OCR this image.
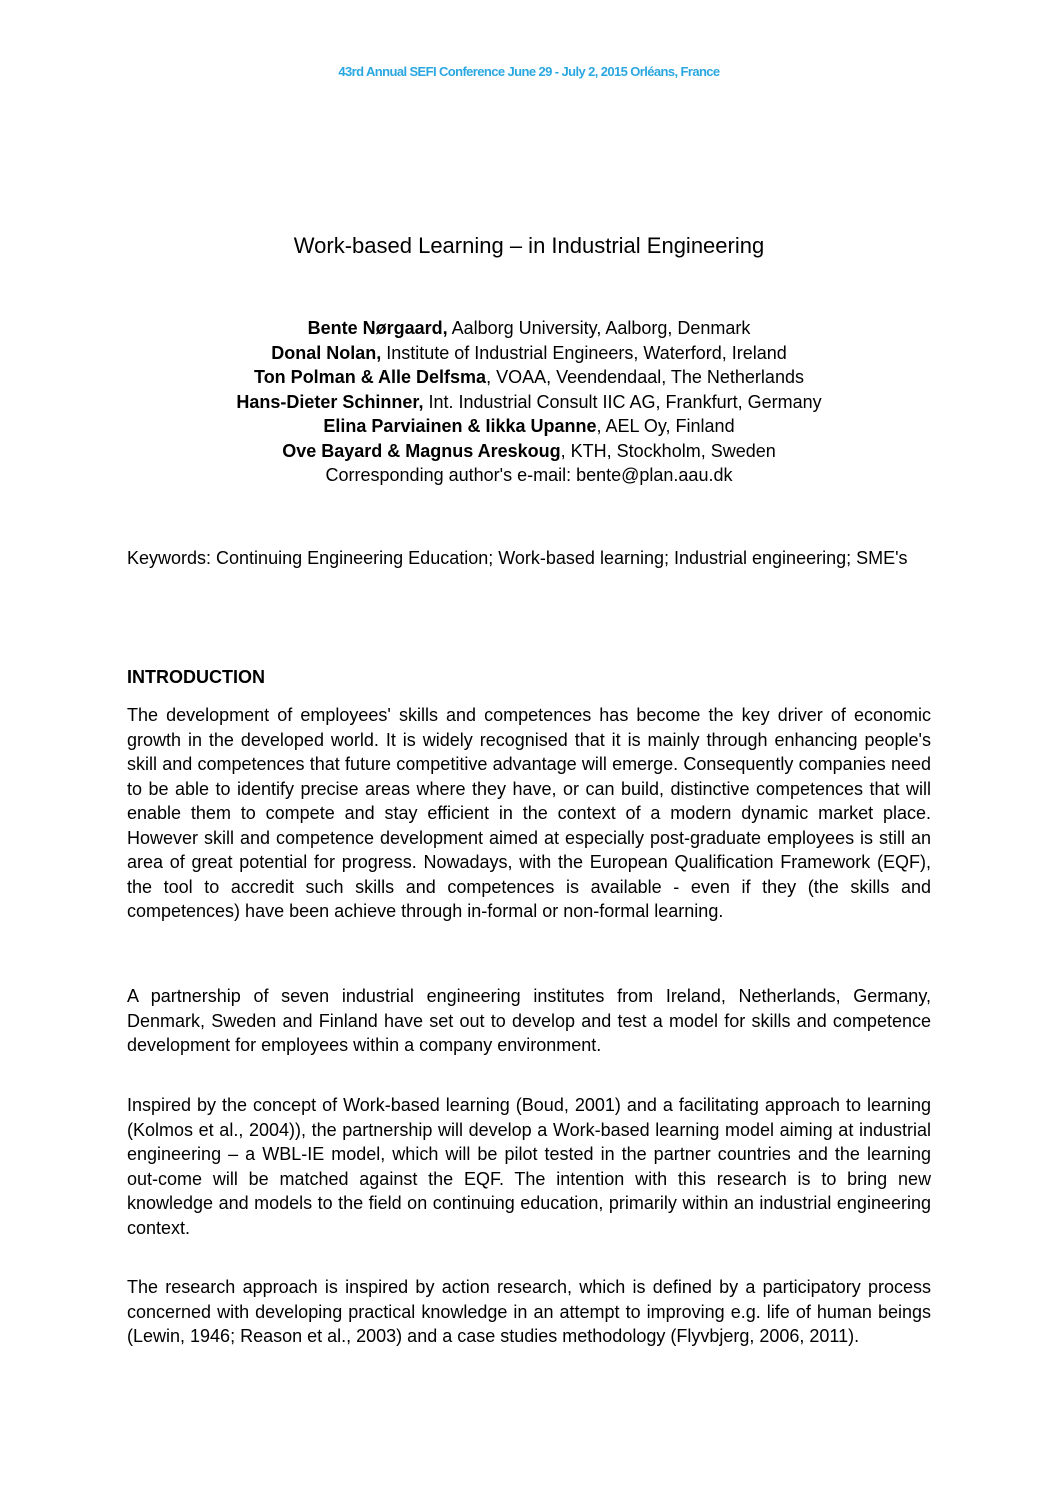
43rd Annual SEFI Conference June 29 - July 2, 2015 Orléans, France
Work-based Learning – in Industrial Engineering
Bente Nørgaard, Aalborg University, Aalborg, Denmark
Donal Nolan, Institute of Industrial Engineers, Waterford, Ireland
Ton Polman & Alle Delfsma, VOAA, Veendendaal, The Netherlands
Hans-Dieter Schinner, Int. Industrial Consult IIC AG, Frankfurt, Germany
Elina Parviainen & Iikka Upanne, AEL Oy, Finland
Ove Bayard & Magnus Areskoug, KTH, Stockholm, Sweden
Corresponding author's e-mail: bente@plan.aau.dk

Keywords: Continuing Engineering Education; Work-based learning; Industrial engineering; SME's

INTRODUCTION

The development of employees' skills and competences has become the key driver of economic growth in the developed world. It is widely recognised that it is mainly through enhancing people's skill and competences that future competitive advantage will emerge. Consequently companies need to be able to identify precise areas where they have, or can build, distinctive competences that will enable them to compete and stay efficient in the context of a modern dynamic market place. However skill and competence development aimed at especially post-graduate employees is still an area of great potential for progress. Nowadays, with the European Qualification Framework (EQF), the tool to accredit such skills and competences is available - even if they (the skills and competences) have been achieve through in-formal or non-formal learning.

A partnership of seven industrial engineering institutes from Ireland, Netherlands, Germany, Denmark, Sweden and Finland have set out to develop and test a model for skills and competence development for employees within a company environment.

Inspired by the concept of Work-based learning (Boud, 2001) and a facilitating approach to learning (Kolmos et al., 2004)), the partnership will develop a Work-based learning model aiming at industrial engineering – a WBL-IE model, which will be pilot tested in the partner countries and the learning out-come will be matched against the EQF. The intention with this research is to bring new knowledge and models to the field on continuing education, primarily within an industrial engineering context.

The research approach is inspired by action research, which is defined by a participatory process concerned with developing practical knowledge in an attempt to improving e.g. life of human beings (Lewin, 1946; Reason et al., 2003) and a case studies methodology (Flyvbjerg, 2006, 2011).
